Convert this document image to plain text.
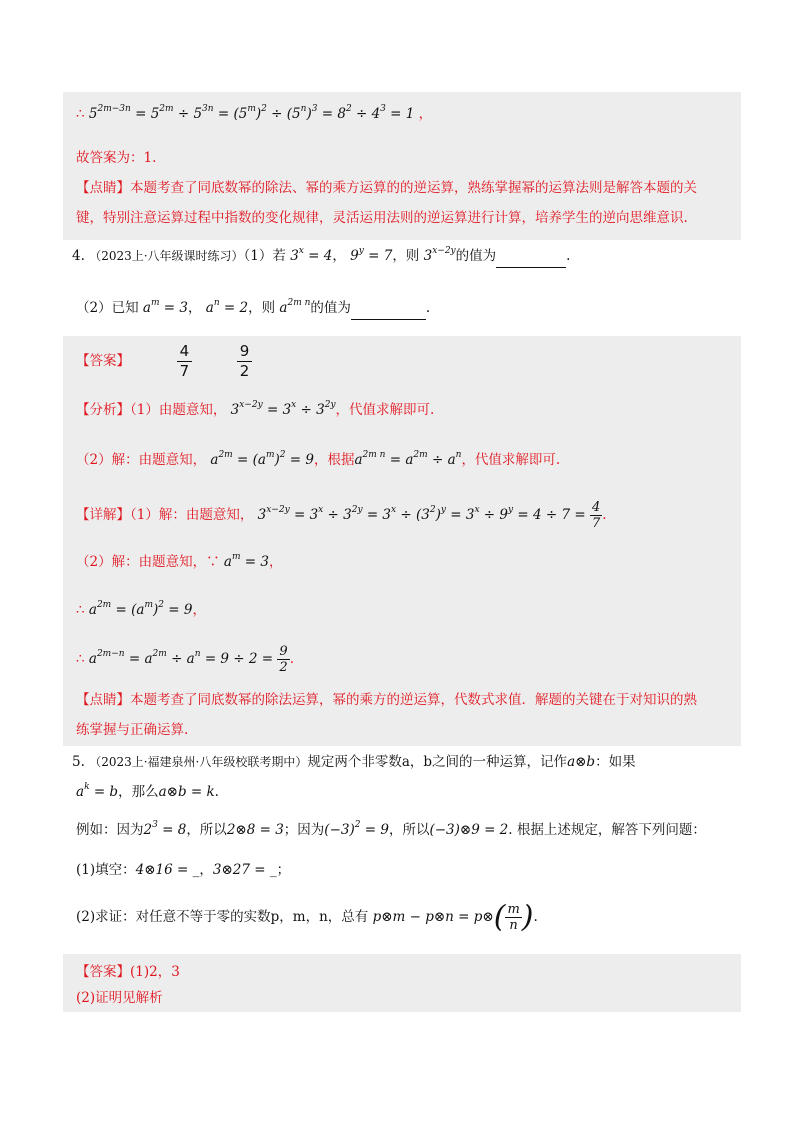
∴ $5^{2m-3n} = 5^{2m} \div 5^{3n} = (5^m)^2 \div (5^n)^3 = 8^2 \div 4^3 = 1$ ，
故答案为：1.
【点睛】本题考查了同底数幂的除法、幂的乘方运算的的逆运算，熟练掌握幂的运算法则是解答本题的关
键，特别注意运算过程中指数的变化规律，灵活运用法则的逆运算进行计算，培养学生的逆向思维意识.
4. （2023上·八年级课时练习）（1）若 $3^x = 4$， $9^y = 7$，则 $3^{x-2y}$的值为	.
（2）已知 $a^m = 3$， $a^n = 2$，则 $a^{2m n}$的值为	.
【答案】	$\frac{4}{7}$
	$\frac{9}{2}$
【分析】（1）由题意知， $3^{x-2y} = 3^x \div 3^{2y}$，代值求解即可.
（2）解：由题意知， $a^{2m} = (a^m)^2 = 9$，根据$a^{2m n} = a^{2m} \div a^n$，代值求解即可.
【详解】（1）解：由题意知， $3^{x-2y} = 3^x \div 3^{2y} = 3^x \div (3^2)^y = 3^x \div 9^y = 4 \div 7 = \frac{4}{7}$ .
（2）解：由题意知，∵ $a^m = 3$，
∴ $a^{2m} = (a^m)^2 = 9$，
∴ $a^{2m-n} = a^{2m} \div a^n = 9 \div 2 = \frac{9}{2}$ .
【点睛】本题考查了同底数幂的除法运算，幂的乘方的逆运算，代数式求值．解题的关键在于对知识的熟
练掌握与正确运算.
5. （2023上·福建泉州·八年级校联考期中）规定两个非零数a，b之间的一种运算，记作a⊗b：如果
$a^k = b$，那么a⊗b = k.
例如：因为$2^3 = 8$，所以2⊗8 = 3；因为$(-3)^2 = 9$，所以(−3)⊗9 = 2. 根据上述规定，解答下列问题：
(1)填空：4⊗16 = _，3⊗27 = _；
(2)求证：对任意不等于零的实数p，m，n，总有 p⊗m − p⊗n = p⊗( $\frac{m}{n}$ ).
【答案】(1)2，3
(2)证明见解析
